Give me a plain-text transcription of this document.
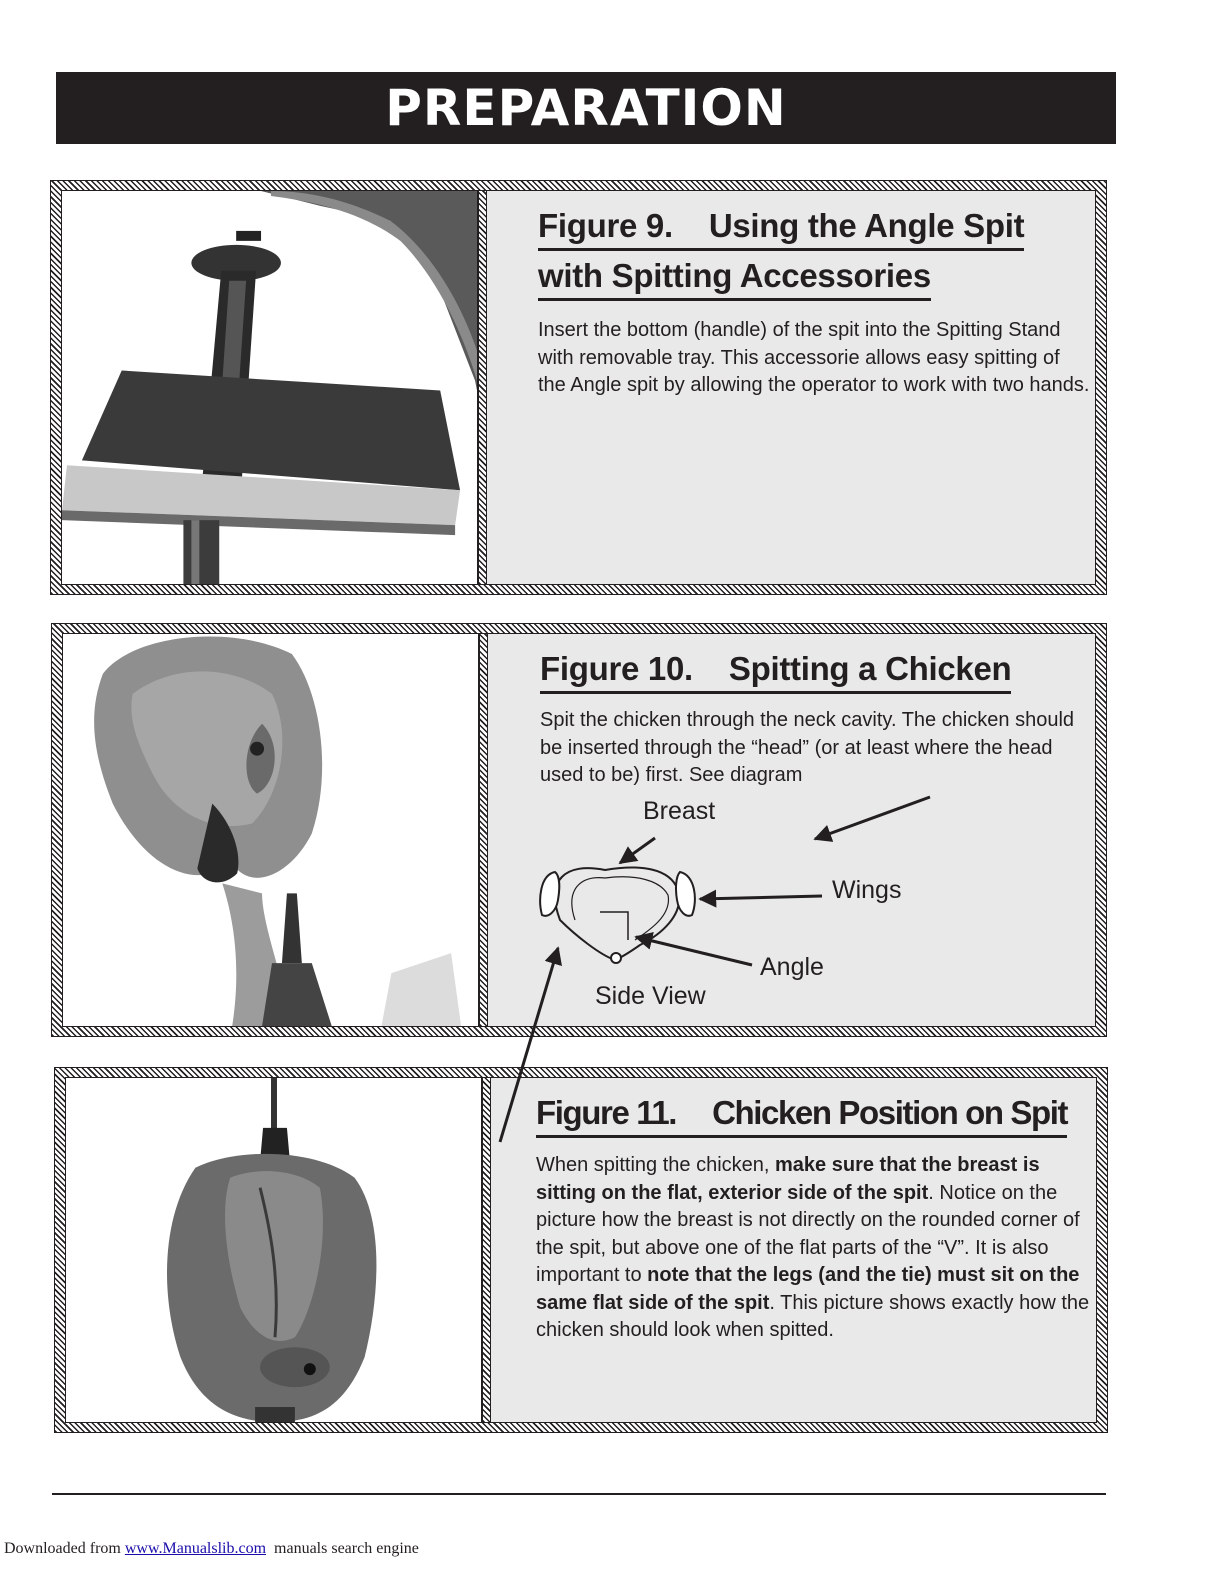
PREPARATION
Figure 9. Using the Angle Spit
with Spitting Accessories
Insert the bottom (handle) of the spit into the Spitting Stand with removable tray. This accessorie allows easy spitting of the Angle spit by allowing the operator to work with two hands.
Figure 10. Spitting a Chicken
Spit the chicken through the neck cavity. The chicken should be inserted through the “head” (or at least where the head used to be) first. See diagram
Figure 11. Chicken Position on Spit
When spitting the chicken, make sure that the breast is sitting on the flat, exterior side of the spit. Notice on the picture how the breast is not directly on the rounded corner of the spit, but above one of the flat parts of the “V”. It is also important to note that the legs (and the tie) must sit on the same flat side of the spit. This picture shows exactly how the chicken should look when spitted.
Breast
Wings
Angle
Side View
Downloaded from www.Manualslib.com  manuals search engine
